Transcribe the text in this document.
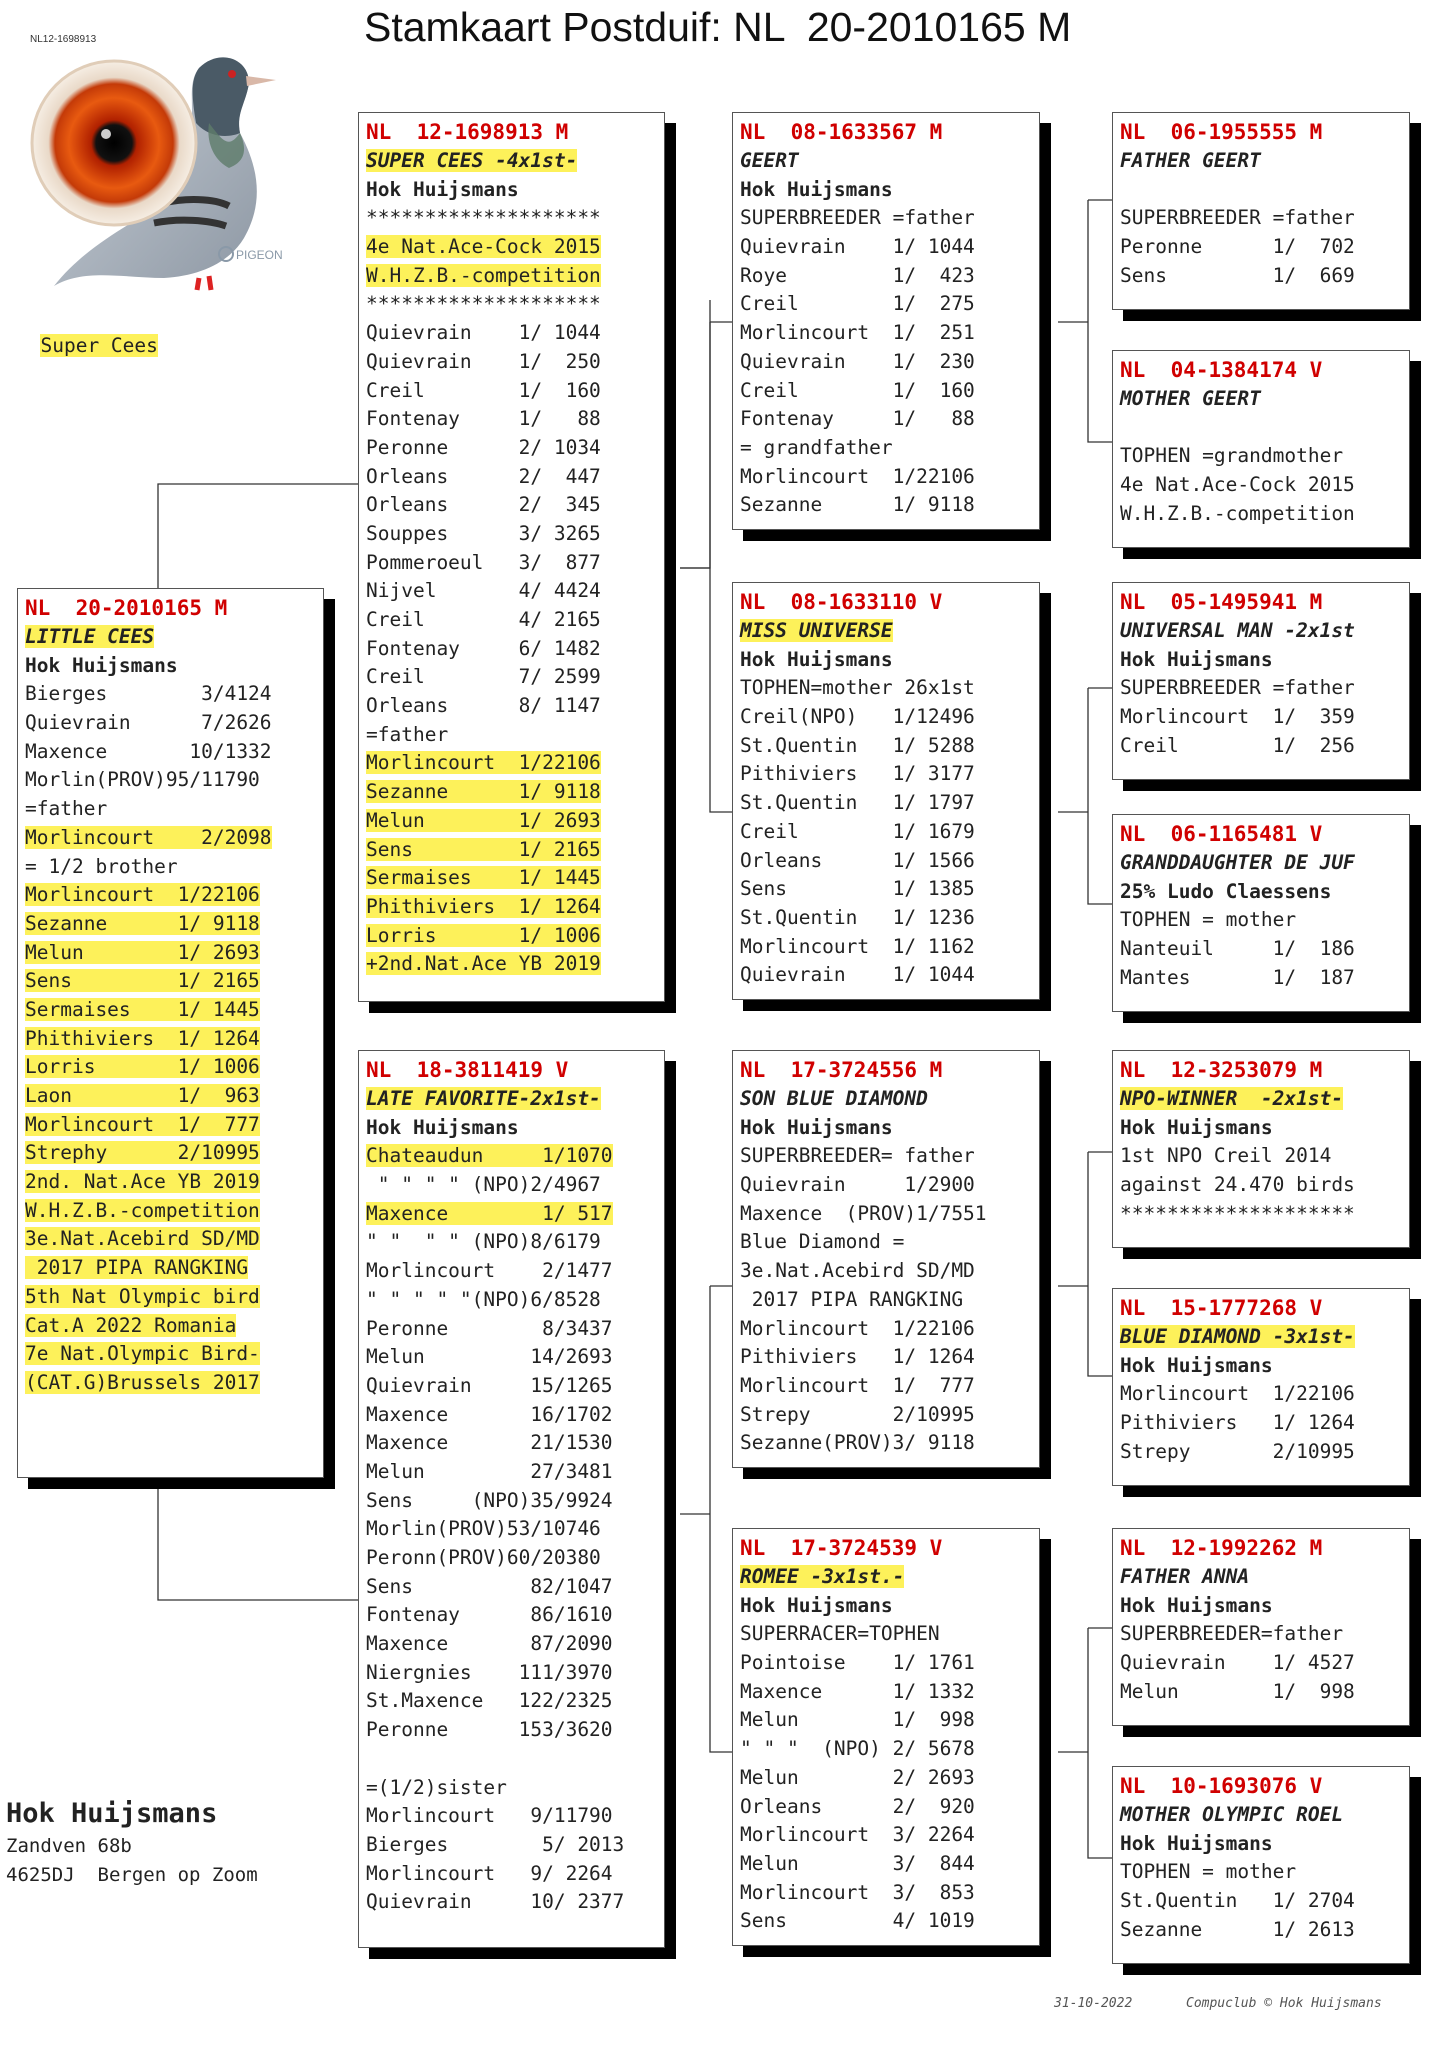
Stamkaart Postduif: NL  20-2010165 M
NL12-1698913
PIGEON

Super Cees

NL  20-2010165 M
LITTLE CEES
Hok Huijsmans
Bierges        3/4124
Quievrain      7/2626
Maxence       10/1332
Morlin(PROV)95/11790
=father
Morlincourt    2/2098
= 1/2 brother
Morlincourt  1/22106
Sezanne      1/ 9118
Melun        1/ 2693
Sens         1/ 2165
Sermaises    1/ 1445
Phithiviers  1/ 1264
Lorris       1/ 1006
Laon         1/  963
Morlincourt  1/  777
Strephy      2/10995
2nd. Nat.Ace YB 2019
W.H.Z.B.-competition
3e.Nat.Acebird SD/MD
2017 PIPA RANGKING
5th Nat Olympic bird
Cat.A 2022 Romania
7e Nat.Olympic Bird-
(CAT.G)Brussels 2017
NL  12-1698913 M
SUPER CEES -4x1st-
Hok Huijsmans
********************
4e Nat.Ace-Cock 2015
W.H.Z.B.-competition
********************
Quievrain    1/ 1044
Quievrain    1/  250
Creil        1/  160
Fontenay     1/   88
Peronne      2/ 1034
Orleans      2/  447
Orleans      2/  345
Souppes      3/ 3265
Pommeroeul   3/  877
Nijvel       4/ 4424
Creil        4/ 2165
Fontenay     6/ 1482
Creil        7/ 2599
Orleans      8/ 1147
=father
Morlincourt  1/22106
Sezanne      1/ 9118
Melun        1/ 2693
Sens         1/ 2165
Sermaises    1/ 1445
Phithiviers  1/ 1264
Lorris       1/ 1006
+2nd.Nat.Ace YB 2019
NL  18-3811419 V
LATE FAVORITE-2x1st-
Hok Huijsmans
Chateaudun     1/1070
" " " " (NPO)2/4967
Maxence        1/ 517
" "  " " (NPO)8/6179
Morlincourt    2/1477
" " " " "(NPO)6/8528
Peronne        8/3437
Melun         14/2693
Quievrain     15/1265
Maxence       16/1702
Maxence       21/1530
Melun         27/3481
Sens     (NPO)35/9924
Morlin(PROV)53/10746
Peronn(PROV)60/20380
Sens          82/1047
Fontenay      86/1610
Maxence       87/2090
Niergnies    111/3970
St.Maxence   122/2325
Peronne      153/3620
=(1/2)sister
Morlincourt   9/11790
Bierges        5/ 2013
Morlincourt   9/ 2264
Quievrain     10/ 2377
NL  08-1633567 M
GEERT
Hok Huijsmans
SUPERBREEDER =father
Quievrain    1/ 1044
Roye         1/  423
Creil        1/  275
Morlincourt  1/  251
Quievrain    1/  230
Creil        1/  160
Fontenay     1/   88
= grandfather
Morlincourt  1/22106
Sezanne      1/ 9118
NL  08-1633110 V
MISS UNIVERSE
Hok Huijsmans
TOPHEN=mother 26x1st
Creil(NPO)   1/12496
St.Quentin   1/ 5288
Pithiviers   1/ 3177
St.Quentin   1/ 1797
Creil        1/ 1679
Orleans      1/ 1566
Sens         1/ 1385
St.Quentin   1/ 1236
Morlincourt  1/ 1162
Quievrain    1/ 1044
NL  17-3724556 M
SON BLUE DIAMOND
Hok Huijsmans
SUPERBREEDER= father
Quievrain     1/2900
Maxence  (PROV)1/7551
Blue Diamond =
3e.Nat.Acebird SD/MD
2017 PIPA RANGKING
Morlincourt  1/22106
Pithiviers   1/ 1264
Morlincourt  1/  777
Strepy       2/10995
Sezanne(PROV)3/ 9118
NL  17-3724539 V
ROMEE -3x1st.-
Hok Huijsmans
SUPERRACER=TOPHEN
Pointoise    1/ 1761
Maxence      1/ 1332
Melun        1/  998
" " "  (NPO) 2/ 5678
Melun        2/ 2693
Orleans      2/  920
Morlincourt  3/ 2264
Melun        3/  844
Morlincourt  3/  853
Sens         4/ 1019
NL  06-1955555 M
FATHER GEERT
SUPERBREEDER =father
Peronne      1/  702
Sens         1/  669
NL  04-1384174 V
MOTHER GEERT
TOPHEN =grandmother
4e Nat.Ace-Cock 2015
W.H.Z.B.-competition
NL  05-1495941 M
UNIVERSAL MAN -2x1st
Hok Huijsmans
SUPERBREEDER =father
Morlincourt  1/  359
Creil        1/  256
NL  06-1165481 V
GRANDDAUGHTER DE JUF
25% Ludo Claessens
TOPHEN = mother
Nanteuil     1/  186
Mantes       1/  187
NL  12-3253079 M
NPO-WINNER  -2x1st-
Hok Huijsmans
1st NPO Creil 2014
against 24.470 birds
********************
NL  15-1777268 V
BLUE DIAMOND -3x1st-
Hok Huijsmans
Morlincourt  1/22106
Pithiviers   1/ 1264
Strepy       2/10995
NL  12-1992262 M
FATHER ANNA
Hok Huijsmans
SUPERBREEDER=father
Quievrain    1/ 4527
Melun        1/  998
NL  10-1693076 V
MOTHER OLYMPIC ROEL
Hok Huijsmans
TOPHEN = mother
St.Quentin   1/ 2704
Sezanne      1/ 2613
Hok Huijsmans
Zandven 68b
4625DJ  Bergen op Zoom
31-10-2022	Compuclub © Hok Huijsmans
